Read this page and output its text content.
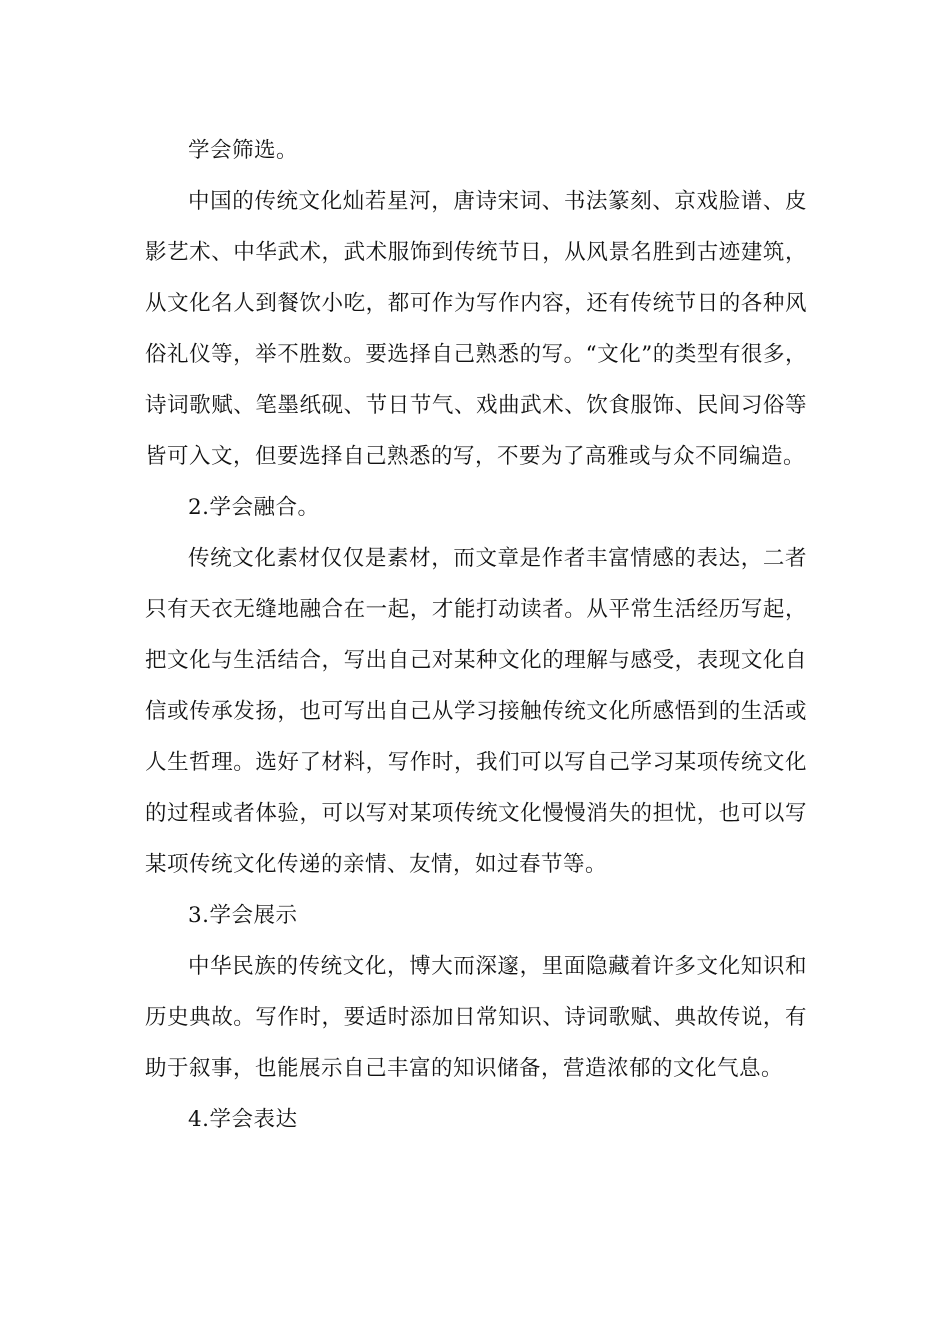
学会筛选。

中国的传统文化灿若星河，唐诗宋词、书法篆刻、京戏脸谱、皮影艺术、中华武术，武术服饰到传统节日，从风景名胜到古迹建筑，从文化名人到餐饮小吃，都可作为写作内容，还有传统节日的各种风俗礼仪等，举不胜数。要选择自己熟悉的写。“文化”的类型有很多，诗词歌赋、笔墨纸砚、节日节气、戏曲武术、饮食服饰、民间习俗等皆可入文，但要选择自己熟悉的写，不要为了高雅或与众不同编造。

2.学会融合。

传统文化素材仅仅是素材，而文章是作者丰富情感的表达，二者只有天衣无缝地融合在一起，才能打动读者。从平常生活经历写起，把文化与生活结合，写出自己对某种文化的理解与感受，表现文化自信或传承发扬，也可写出自己从学习接触传统文化所感悟到的生活或人生哲理。选好了材料，写作时，我们可以写自己学习某项传统文化的过程或者体验，可以写对某项传统文化慢慢消失的担忧，也可以写某项传统文化传递的亲情、友情，如过春节等。

3.学会展示

中华民族的传统文化，博大而深邃，里面隐藏着许多文化知识和历史典故。写作时，要适时添加日常知识、诗词歌赋、典故传说，有助于叙事，也能展示自己丰富的知识储备，营造浓郁的文化气息。

4.学会表达
